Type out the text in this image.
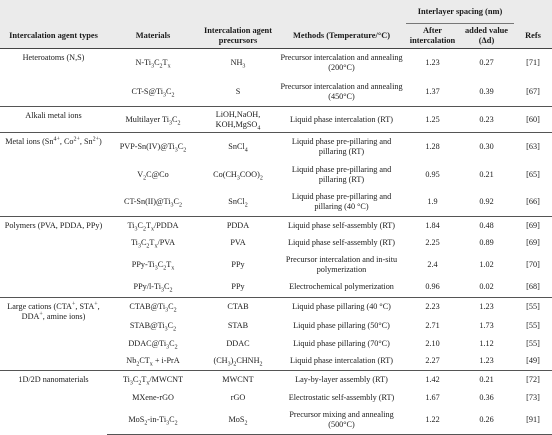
				Interlayer spacing (nm)		
Intercalation agent types	Materials	Intercalation agent precursors	Methods (Temperature/°C)	After intercalation	added value (Δd)	Refs
Heteroatoms (N,S)	$N-Ti_3C_2T_x$	$NH_3$	Precursor intercalation and annealing (200°C)	1.23	0.27	[71]
	$CT-S@Ti_3C_2$	S	Precursor intercalation and annealing (450°C)	1.37	0.39	[67]
Alkali metal ions	Multilayer $Ti_3C_2$	LiOH,NaOH, KOH,MgSO$_4$	Liquid phase intercalation (RT)	1.25	0.23	[60]
Metal ions ($Sn^{4+}$, $Co^{2+}$, $Sn^{2+}$)	PVP-$Sn(IV)@Ti_3C_2$	SnCl$_4$	Liquid phase pre-pillaring and pillaring (RT)	1.28	0.30	[63]
	$V_2C@Co$	$Co(CH_3COO)_2$	Liquid phase pre-pillaring and pillaring (RT)	0.95	0.21	[65]
	$CT-Sn(II)@Ti_3C_2$	SnCl$_2$	Liquid phase pre-pillaring and pillaring (40 °C)	1.9	0.92	[66]
Polymers (PVA, PDDA, PPy)	$Ti_3C_2T_x$/PDDA	PDDA	Liquid phase self-assembly (RT)	1.84	0.48	[69]
	$Ti_3C_2T_x$/PVA	PVA	Liquid phase self-assembly (RT)	2.25	0.89	[69]
	PPy-$Ti_3C_2T_x$	PPy	Precursor intercalation and in-situ polymerization	2.4	1.02	[70]
	PPy/$l-Ti_3C_2$	PPy	Electrochemical polymerization	0.96	0.02	[68]
Large cations (CTA+, STA+, DDA+, amine ions)	$CTAB@Ti_3C_2$	CTAB	Liquid phase pillaring (40 °C)	2.23	1.23	[55]
	$STAB@Ti_3C_2$	STAB	Liquid phase pillaring (50°C)	2.71	1.73	[55]
	$DDAC@Ti_3C_2$	DDAC	Liquid phase pillaring (70°C)	2.10	1.12	[55]
	$Nb_2CT_x + i-PrA$	$(CH_3)_2CHNH_2$	Liquid phase intercalation (RT)	2.27	1.23	[49]
1D/2D nanomaterials	$Ti_3C_2T_x$/MWCNT	MWCNT	Lay-by-layer assembly (RT)	1.42	0.21	[72]
	MXene-rGO	rGO	Electrostatic self-assembly (RT)	1.67	0.36	[73]
	$MoS_2-in-Ti_3C_2$	MoS$_2$	Precursor mixing and annealing (500°C)	1.22	0.26	[91]
